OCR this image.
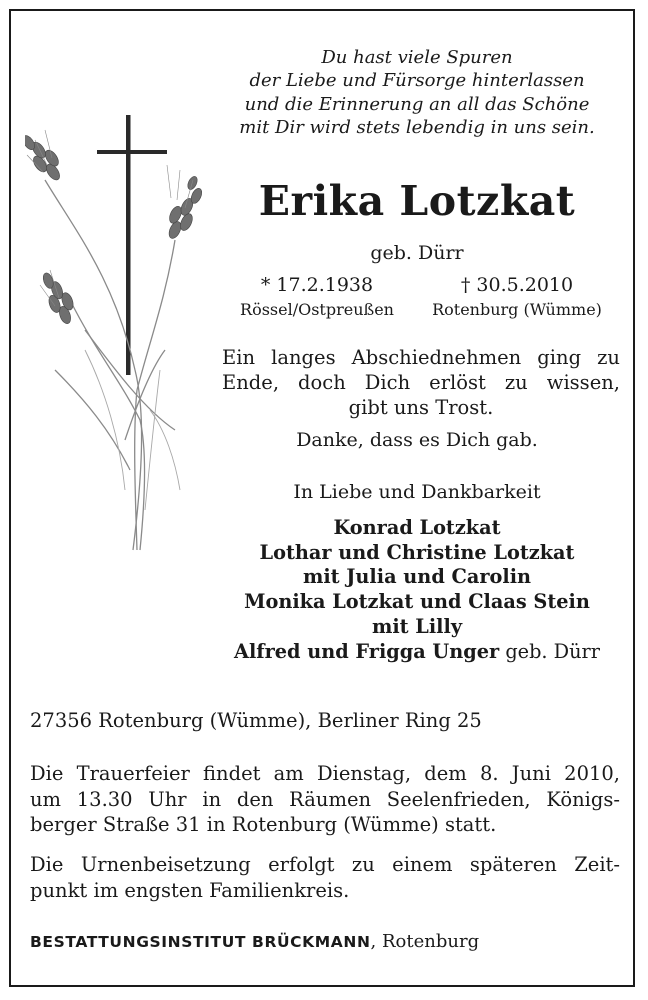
Du hast viele Spuren
der Liebe und Fürsorge hinterlassen
und die Erinnerung an all das Schöne
mit Dir wird stets lebendig in uns sein.
Erika Lotzkat
geb. Dürr
* 17.2.1938	† 30.5.2010
Rössel/Ostpreußen	Rotenburg (Wümme)
Ein langes Abschiednehmen ging zu
Ende, doch Dich erlöst zu wissen,
gibt uns Trost.
Danke, dass es Dich gab.
In Liebe und Dankbarkeit
Konrad Lotzkat
Lothar und Christine Lotzkat
mit Julia und Carolin
Monika Lotzkat und Claas Stein
mit Lilly
Alfred und Frigga Unger geb. Dürr
27356 Rotenburg (Wümme), Berliner Ring 25
Die Trauerfeier findet am Dienstag, dem 8. Juni 2010,
um 13.30 Uhr in den Räumen Seelenfrieden, Königs-
berger Straße 31 in Rotenburg (Wümme) statt.
Die Urnenbeisetzung erfolgt zu einem späteren Zeit-
punkt im engsten Familienkreis.
BESTATTUNGSINSTITUT BRÜCKMANN, Rotenburg
